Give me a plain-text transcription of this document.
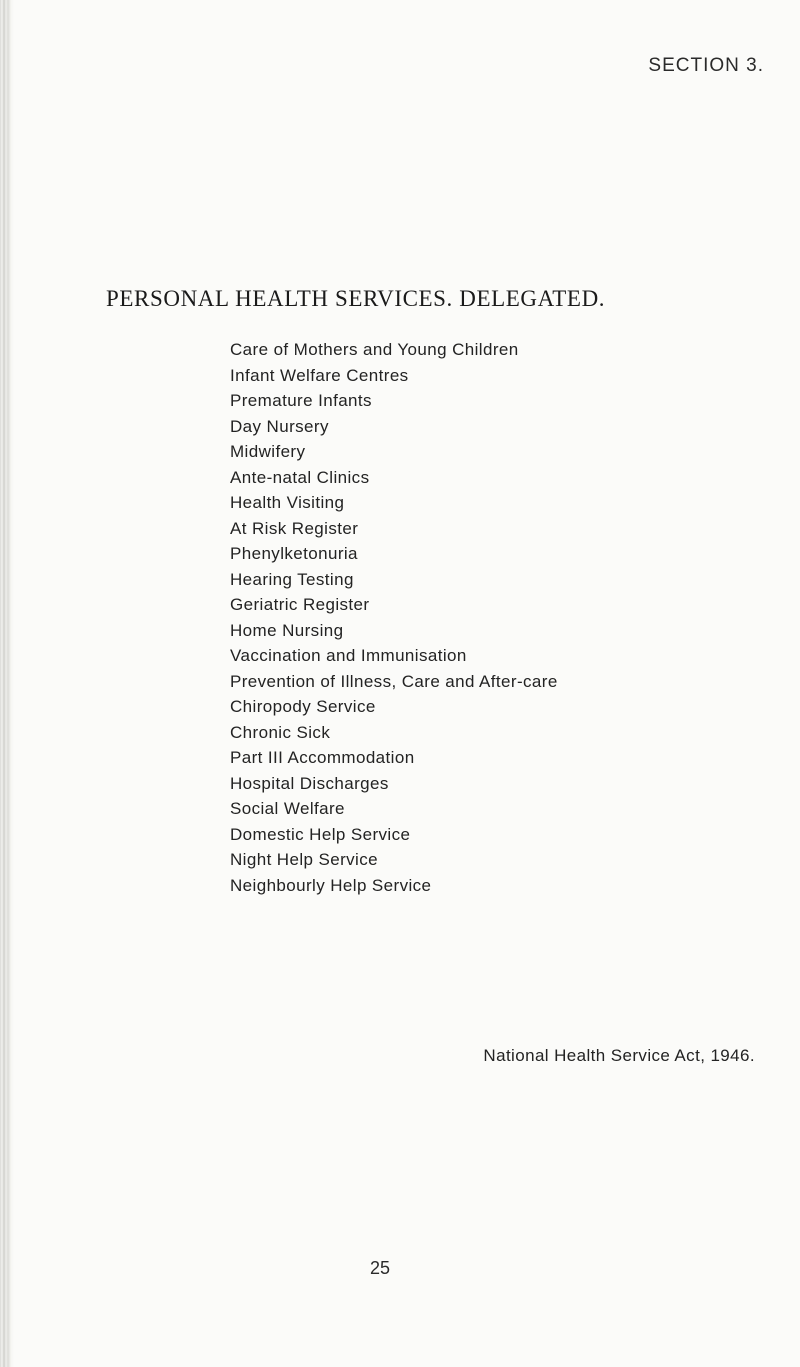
SECTION 3.
PERSONAL HEALTH SERVICES. DELEGATED.
Care of Mothers and Young Children
Infant Welfare Centres
Premature Infants
Day Nursery
Midwifery
Ante-natal Clinics
Health Visiting
At Risk Register
Phenylketonuria
Hearing Testing
Geriatric Register
Home Nursing
Vaccination and Immunisation
Prevention of Illness, Care and After-care
Chiropody Service
Chronic Sick
Part III Accommodation
Hospital Discharges
Social Welfare
Domestic Help Service
Night Help Service
Neighbourly Help Service
National Health Service Act, 1946.
25
